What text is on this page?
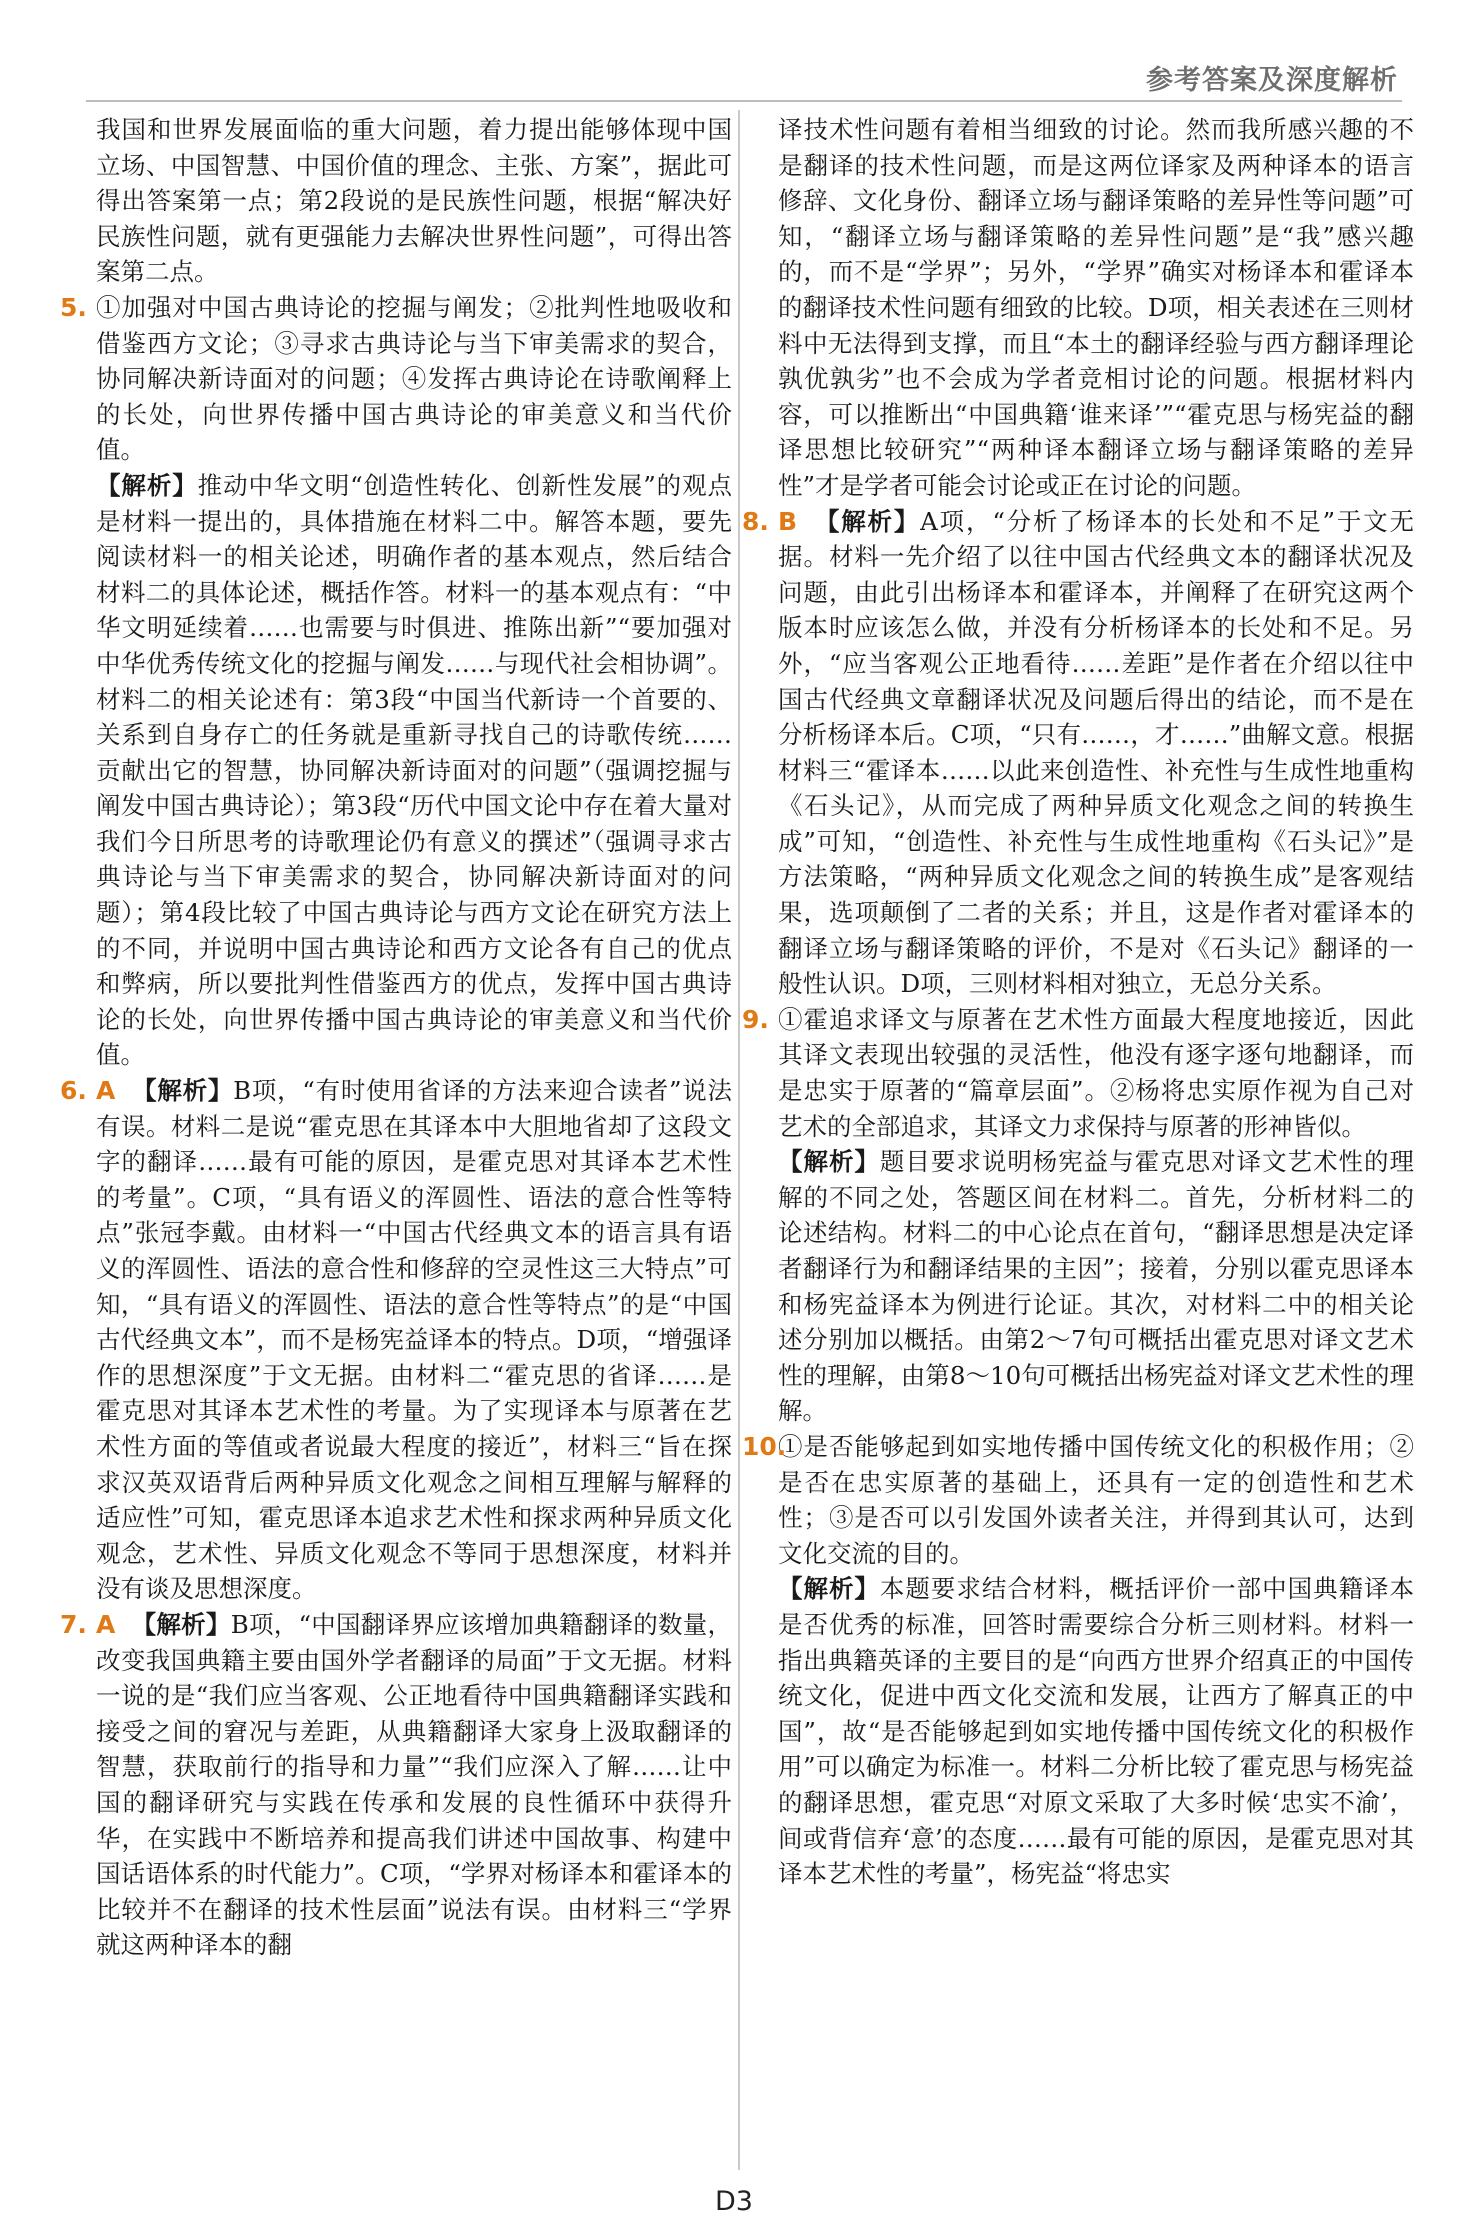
参考答案及深度解析

我国和世界发展面临的重大问题，着力提出能够体现中国立场、中国智慧、中国价值的理念、主张、方案”，据此可得出答案第一点；第2段说的是民族性问题，根据“解决好民族性问题，就有更强能力去解决世界性问题”，可得出答案第二点。

5. ①加强对中国古典诗论的挖掘与阐发；②批判性地吸收和借鉴西方文论；③寻求古典诗论与当下审美需求的契合，协同解决新诗面对的问题；④发挥古典诗论在诗歌阐释上的长处，向世界传播中国古典诗论的审美意义和当代价值。

【解析】推动中华文明“创造性转化、创新性发展”的观点是材料一提出的，具体措施在材料二中。解答本题，要先阅读材料一的相关论述，明确作者的基本观点，然后结合材料二的具体论述，概括作答。材料一的基本观点有：“中华文明延续着……也需要与时俱进、推陈出新”“要加强对中华优秀传统文化的挖掘与阐发……与现代社会相协调”。材料二的相关论述有：第3段“中国当代新诗一个首要的、关系到自身存亡的任务就是重新寻找自己的诗歌传统……贡献出它的智慧，协同解决新诗面对的问题”（强调挖掘与阐发中国古典诗论）；第3段“历代中国文论中存在着大量对我们今日所思考的诗歌理论仍有意义的撰述”（强调寻求古典诗论与当下审美需求的契合，协同解决新诗面对的问题）；第4段比较了中国古典诗论与西方文论在研究方法上的不同，并说明中国古典诗论和西方文论各有自己的优点和弊病，所以要批判性借鉴西方的优点，发挥中国古典诗论的长处，向世界传播中国古典诗论的审美意义和当代价值。

6. A 【解析】B项，“有时使用省译的方法来迎合读者”说法有误。材料二是说“霍克思在其译本中大胆地省却了这段文字的翻译……最有可能的原因，是霍克思对其译本艺术性的考量”。C项，“具有语义的浑圆性、语法的意合性等特点”张冠李戴。由材料一“中国古代经典文本的语言具有语义的浑圆性、语法的意合性和修辞的空灵性这三大特点”可知，“具有语义的浑圆性、语法的意合性等特点”的是“中国古代经典文本”，而不是杨宪益译本的特点。D项，“增强译作的思想深度”于文无据。由材料二“霍克思的省译……是霍克思对其译本艺术性的考量。为了实现译本与原著在艺术性方面的等值或者说最大程度的接近”，材料三“旨在探求汉英双语背后两种异质文化观念之间相互理解与解释的适应性”可知，霍克思译本追求艺术性和探求两种异质文化观念，艺术性、异质文化观念不等同于思想深度，材料并没有谈及思想深度。

7. A 【解析】B项，“中国翻译界应该增加典籍翻译的数量，改变我国典籍主要由国外学者翻译的局面”于文无据。材料一说的是“我们应当客观、公正地看待中国典籍翻译实践和接受之间的窘况与差距，从典籍翻译大家身上汲取翻译的智慧，获取前行的指导和力量”“我们应深入了解……让中国的翻译研究与实践在传承和发展的良性循环中获得升华，在实践中不断培养和提高我们讲述中国故事、构建中国话语体系的时代能力”。C项，“学界对杨译本和霍译本的比较并不在翻译的技术性层面”说法有误。由材料三“学界就这两种译本的翻

译技术性问题有着相当细致的讨论。然而我所感兴趣的不是翻译的技术性问题，而是这两位译家及两种译本的语言修辞、文化身份、翻译立场与翻译策略的差异性等问题”可知，“翻译立场与翻译策略的差异性问题”是“我”感兴趣的，而不是“学界”；另外，“学界”确实对杨译本和霍译本的翻译技术性问题有细致的比较。D项，相关表述在三则材料中无法得到支撑，而且“本土的翻译经验与西方翻译理论孰优孰劣”也不会成为学者竞相讨论的问题。根据材料内容，可以推断出“中国典籍‘谁来译’”“霍克思与杨宪益的翻译思想比较研究”“两种译本翻译立场与翻译策略的差异性”才是学者可能会讨论或正在讨论的问题。

8. B 【解析】A项，“分析了杨译本的长处和不足”于文无据。材料一先介绍了以往中国古代经典文本的翻译状况及问题，由此引出杨译本和霍译本，并阐释了在研究这两个版本时应该怎么做，并没有分析杨译本的长处和不足。另外，“应当客观公正地看待……差距”是作者在介绍以往中国古代经典文章翻译状况及问题后得出的结论，而不是在分析杨译本后。C项，“只有……，才……”曲解文意。根据材料三“霍译本……以此来创造性、补充性与生成性地重构《石头记》，从而完成了两种异质文化观念之间的转换生成”可知，“创造性、补充性与生成性地重构《石头记》”是方法策略，“两种异质文化观念之间的转换生成”是客观结果，选项颠倒了二者的关系；并且，这是作者对霍译本的翻译立场与翻译策略的评价，不是对《石头记》翻译的一般性认识。D项，三则材料相对独立，无总分关系。

9. ①霍追求译文与原著在艺术性方面最大程度地接近，因此其译文表现出较强的灵活性，他没有逐字逐句地翻译，而是忠实于原著的“篇章层面”。②杨将忠实原作视为自己对艺术的全部追求，其译文力求保持与原著的形神皆似。

【解析】题目要求说明杨宪益与霍克思对译文艺术性的理解的不同之处，答题区间在材料二。首先，分析材料二的论述结构。材料二的中心论点在首句，“翻译思想是决定译者翻译行为和翻译结果的主因”；接着，分别以霍克思译本和杨宪益译本为例进行论证。其次，对材料二中的相关论述分别加以概括。由第2～7句可概括出霍克思对译文艺术性的理解，由第8～10句可概括出杨宪益对译文艺术性的理解。

10.

①是否能够起到如实地传播中国传统文化的积极作用；②是否在忠实原著的基础上，还具有一定的创造性和艺术性；③是否可以引发国外读者关注，并得到其认可，达到文化交流的目的。

【解析】本题要求结合材料，概括评价一部中国典籍译本是否优秀的标准，回答时需要综合分析三则材料。材料一指出典籍英译的主要目的是“向西方世界介绍真正的中国传统文化，促进中西文化交流和发展，让西方了解真正的中国”，故“是否能够起到如实地传播中国传统文化的积极作用”可以确定为标准一。材料二分析比较了霍克思与杨宪益的翻译思想，霍克思“对原文采取了大多时候‘忠实不渝’，间或背信弃‘意’的态度……最有可能的原因，是霍克思对其译本艺术性的考量”，杨宪益“将忠实

D3
